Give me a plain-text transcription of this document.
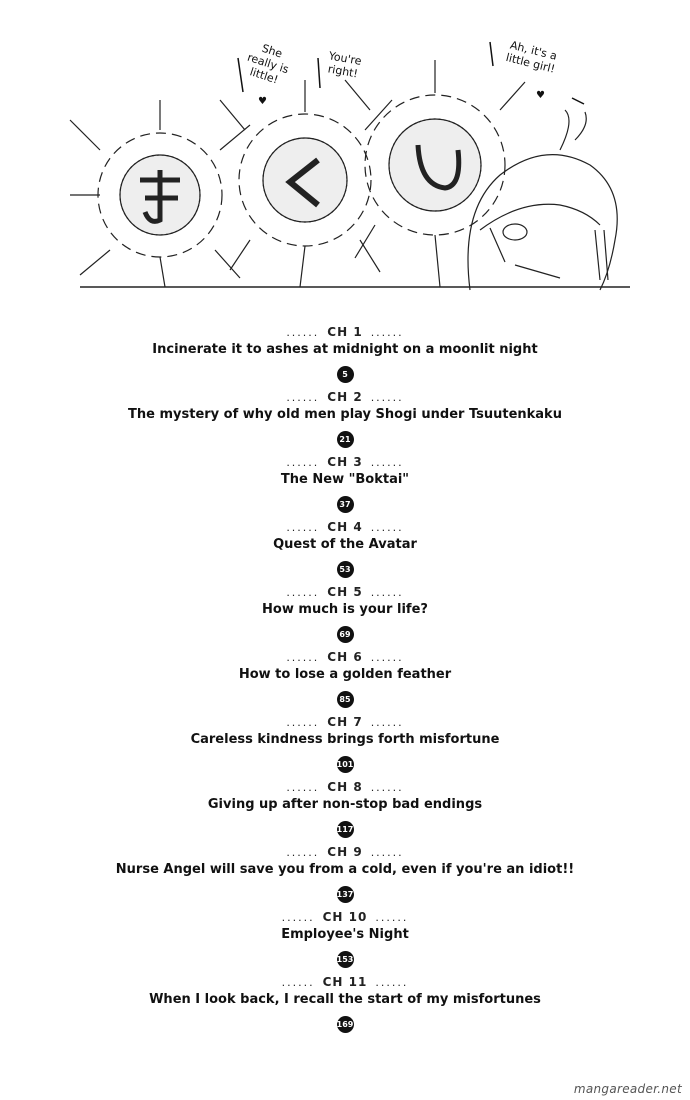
♥
♥
She really is little!
You're right!
Ah, it's a little girl!
...... CH 1 ......
Incinerate it to ashes at midnight on a moonlit night
5
...... CH 2 ......
The mystery of why old men play Shogi under Tsuutenkaku
21
...... CH 3 ......
The New "Boktai"
37
...... CH 4 ......
Quest of the Avatar
53
...... CH 5 ......
How much is your life?
69
...... CH 6 ......
How to lose a golden feather
85
...... CH 7 ......
Careless kindness brings forth misfortune
101
...... CH 8 ......
Giving up after non-stop bad endings
117
...... CH 9 ......
Nurse Angel will save you from a cold, even if you're an idiot!!
137
...... CH 10 ......
Employee's Night
153
...... CH 11 ......
When I look back, I recall the start of my misfortunes
169
mangareader.net
